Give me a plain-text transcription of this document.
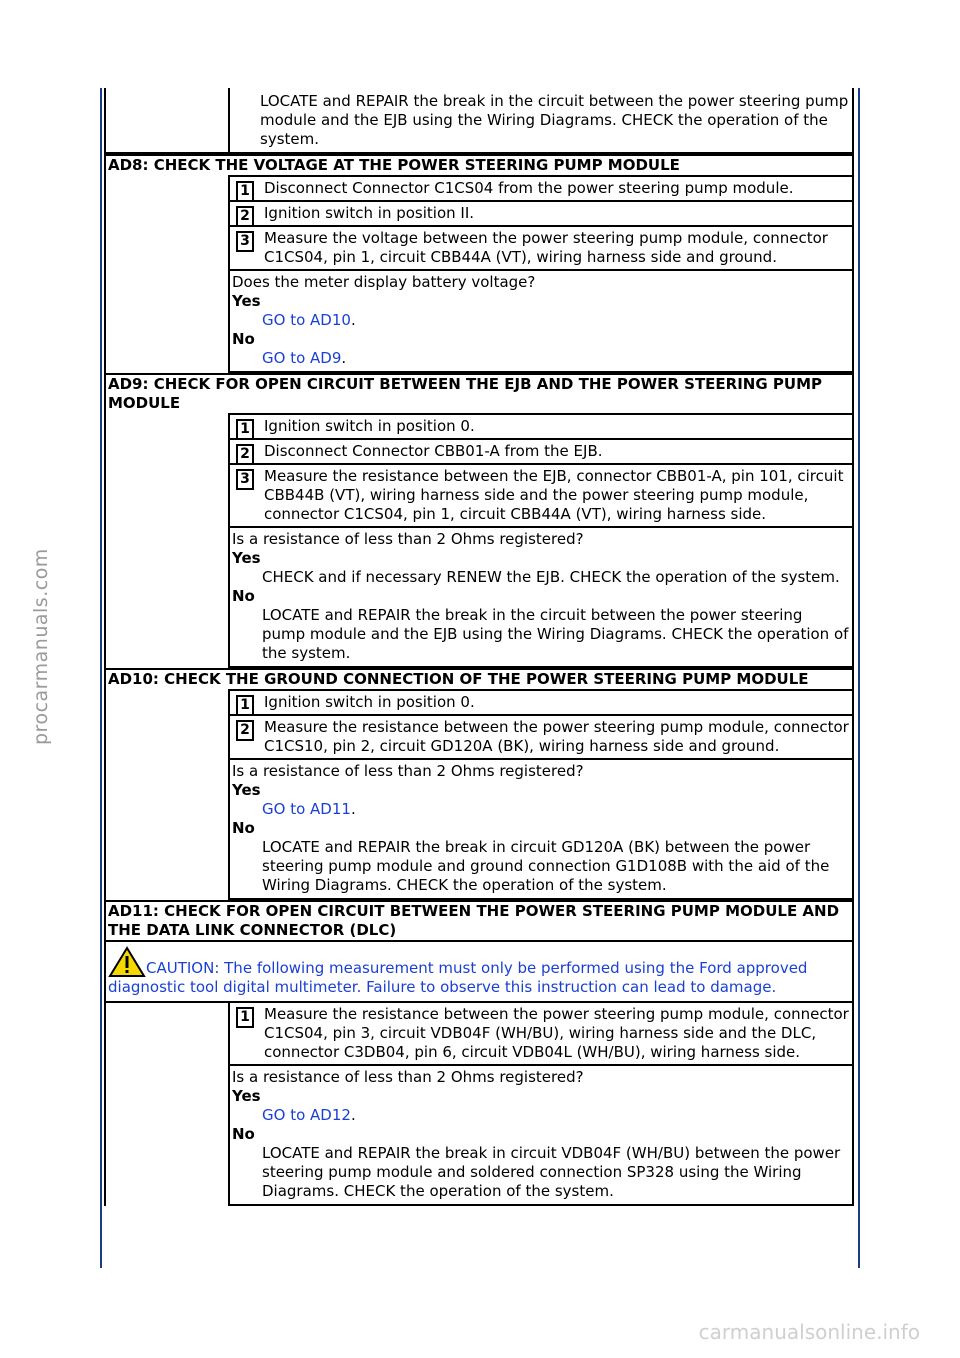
procarmanuals.com
LOCATE and REPAIR the break in the circuit between the power steering pump module and the EJB using the Wiring Diagrams. CHECK the operation of the system.
AD8: CHECK THE VOLTAGE AT THE POWER STEERING PUMP MODULE
1 Disconnect Connector C1CS04 from the power steering pump module.
2 Ignition switch in position II.
3 Measure the voltage between the power steering pump module, connector C1CS04, pin 1, circuit CBB44A (VT), wiring harness side and ground.
Does the meter display battery voltage?
Yes
GO to AD10.
No
GO to AD9.
AD9: CHECK FOR OPEN CIRCUIT BETWEEN THE EJB AND THE POWER STEERING PUMP MODULE
1 Ignition switch in position 0.
2 Disconnect Connector CBB01-A from the EJB.
3 Measure the resistance between the EJB, connector CBB01-A, pin 101, circuit CBB44B (VT), wiring harness side and the power steering pump module, connector C1CS04, pin 1, circuit CBB44A (VT), wiring harness side.
Is a resistance of less than 2 Ohms registered?
Yes
CHECK and if necessary RENEW the EJB. CHECK the operation of the system.
No
LOCATE and REPAIR the break in the circuit between the power steering pump module and the EJB using the Wiring Diagrams. CHECK the operation of the system.
AD10: CHECK THE GROUND CONNECTION OF THE POWER STEERING PUMP MODULE
1 Ignition switch in position 0.
2 Measure the resistance between the power steering pump module, connector C1CS10, pin 2, circuit GD120A (BK), wiring harness side and ground.
Is a resistance of less than 2 Ohms registered?
Yes
GO to AD11.
No
LOCATE and REPAIR the break in circuit GD120A (BK) between the power steering pump module and ground connection G1D108B with the aid of the Wiring Diagrams. CHECK the operation of the system.
AD11: CHECK FOR OPEN CIRCUIT BETWEEN THE POWER STEERING PUMP MODULE AND THE DATA LINK CONNECTOR (DLC)
CAUTION: The following measurement must only be performed using the Ford approved diagnostic tool digital multimeter. Failure to observe this instruction can lead to damage.
1 Measure the resistance between the power steering pump module, connector C1CS04, pin 3, circuit VDB04F (WH/BU), wiring harness side and the DLC, connector C3DB04, pin 6, circuit VDB04L (WH/BU), wiring harness side.
Is a resistance of less than 2 Ohms registered?
Yes
GO to AD12.
No
LOCATE and REPAIR the break in circuit VDB04F (WH/BU) between the power steering pump module and soldered connection SP328 using the Wiring Diagrams. CHECK the operation of the system.
carmanualsonline.info
